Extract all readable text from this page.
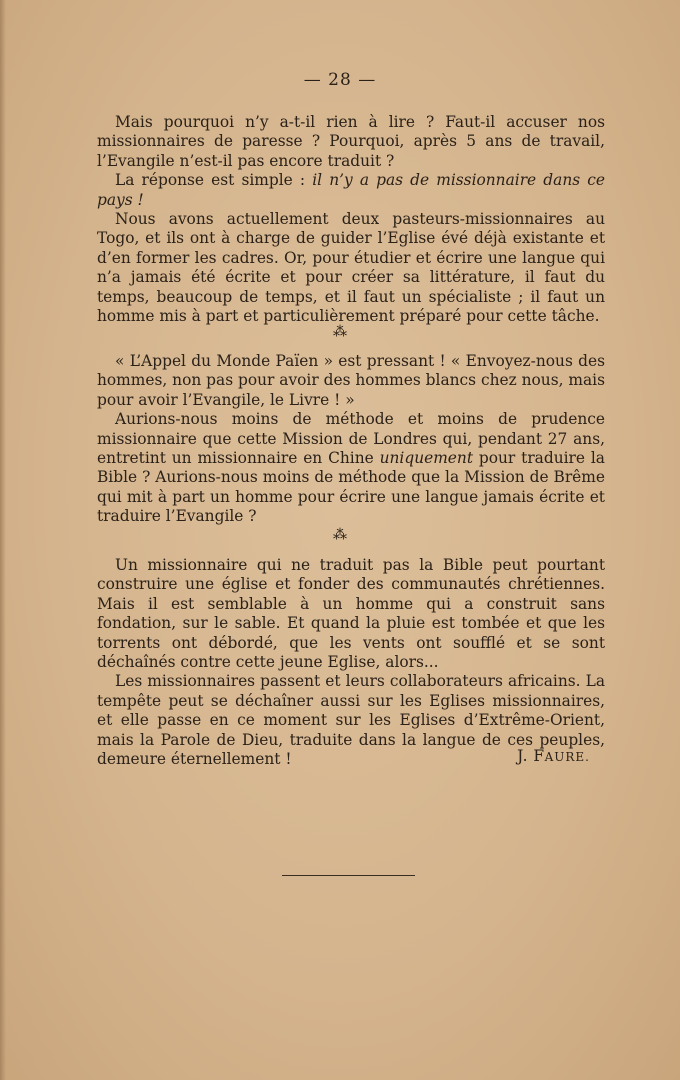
— 28 —

Mais pourquoi n’y a-t-il rien à lire ? Faut-il accuser nos missionnaires de paresse ? Pourquoi, après 5 ans de travail, l’Evangile n’est-il pas encore traduit ?

La réponse est simple : il n’y a pas de missionnaire dans ce pays !

Nous avons actuellement deux pasteurs-missionnaires au Togo, et ils ont à charge de guider l’Eglise évé déjà existante et d’en former les cadres. Or, pour étudier et écrire une langue qui n’a jamais été écrite et pour créer sa littérature, il faut du temps, beaucoup de temps, et il faut un spécialiste ; il faut un homme mis à part et particulièrement préparé pour cette tâche.

⁂

« L’Appel du Monde Païen » est pressant ! « Envoyez-nous des hommes, non pas pour avoir des hommes blancs chez nous, mais pour avoir l’Evangile, le Livre ! »

Aurions-nous moins de méthode et moins de prudence missionnaire que cette Mission de Londres qui, pendant 27 ans, entretint un missionnaire en Chine uniquement pour traduire la Bible ? Aurions-nous moins de méthode que la Mission de Brême qui mit à part un homme pour écrire une langue jamais écrite et traduire l’Evangile ?

⁂

Un missionnaire qui ne traduit pas la Bible peut pourtant construire une église et fonder des communautés chrétiennes. Mais il est semblable à un homme qui a construit sans fondation, sur le sable. Et quand la pluie est tombée et que les torrents ont débordé, que les vents ont soufflé et se sont déchaînés contre cette jeune Eglise, alors...

Les missionnaires passent et leurs collaborateurs africains. La tempête peut se déchaîner aussi sur les Eglises missionnaires, et elle passe en ce moment sur les Eglises d’Extrême-Orient, mais la Parole de Dieu, traduite dans la langue de ces peuples, demeure éternellement !	J. FAURE.
